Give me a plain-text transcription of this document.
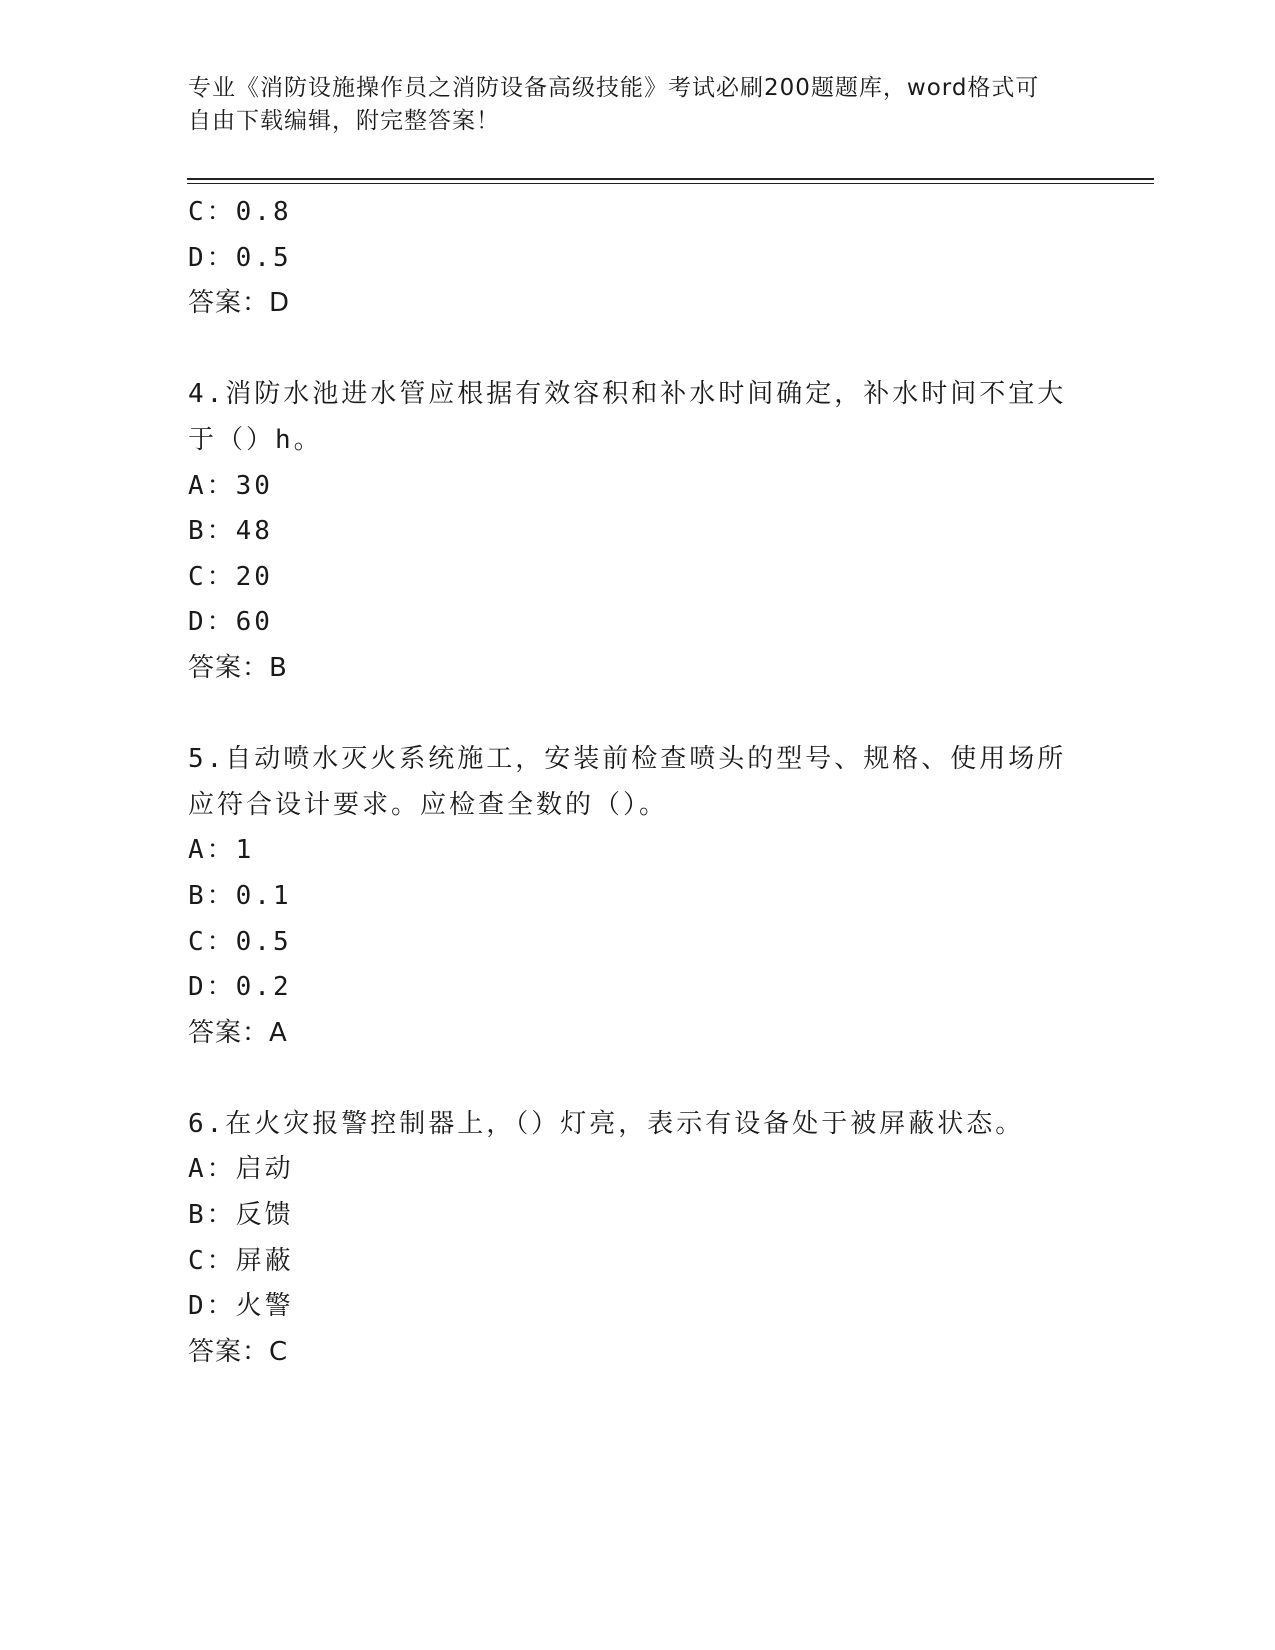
专业《消防设施操作员之消防设备高级技能》考试必刷200题题库，word格式可
自由下载编辑，附完整答案！
C：0.8
D：0.5
答案：D
4.消防水池进水管应根据有效容积和补水时间确定，补水时间不宜大
于（）h。
A：30
B：48
C：20
D：60
答案：B
5.自动喷水灭火系统施工，安装前检查喷头的型号、规格、使用场所
应符合设计要求。应检查全数的（）。
A：1
B：0.1
C：0.5
D：0.2
答案：A
6.在火灾报警控制器上，（）灯亮，表示有设备处于被屏蔽状态。
A：启动
B：反馈
C：屏蔽
D：火警
答案：C
